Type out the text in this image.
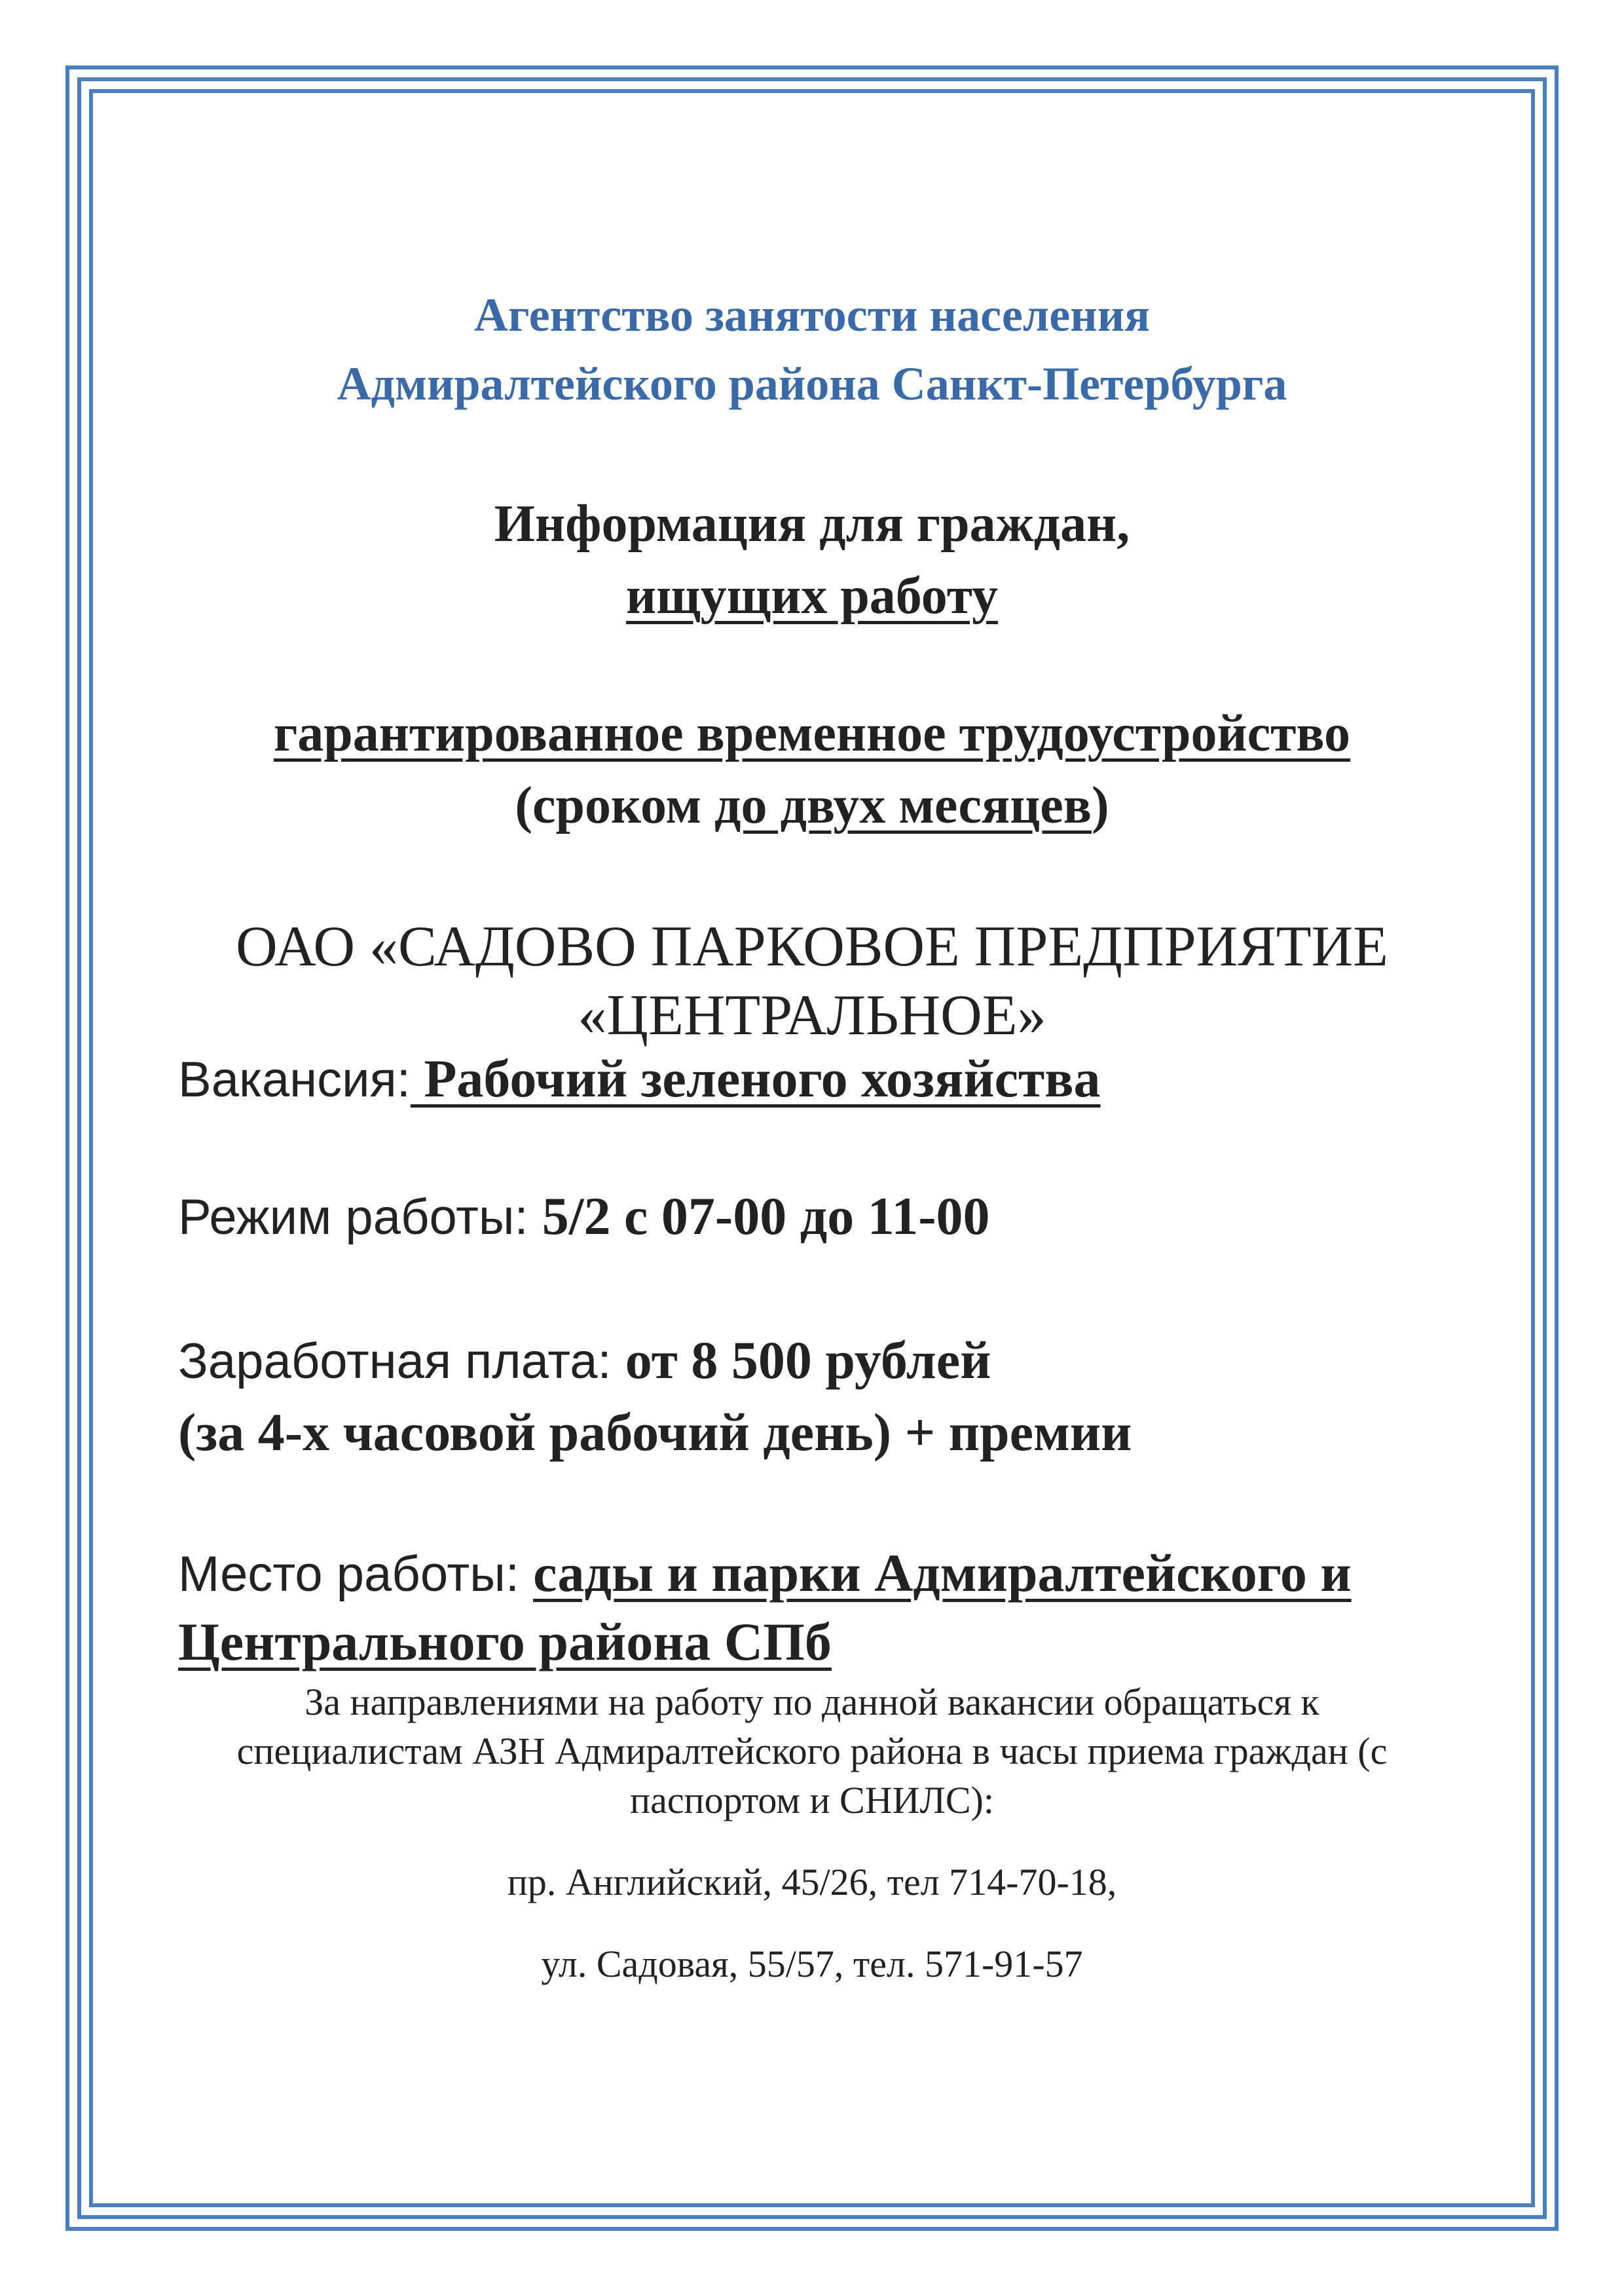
Агентство занятости населения
Адмиралтейского района Санкт-Петербурга
Информация для граждан,
ищущих работу
гарантированное временное трудоустройство
(сроком до двух месяцев)
ОАО «САДОВО ПАРКОВОЕ ПРЕДПРИЯТИЕ
«ЦЕНТРАЛЬНОЕ»
Вакансия: Рабочий зеленого хозяйства
Режим работы: 5/2 с 07-00 до 11-00
Заработная плата: от 8 500 рублей
(за 4-х часовой рабочий день) + премии
Место работы: сады и парки Адмиралтейского и
Центрального района СПб
За направлениями на работу по данной вакансии обращаться к
специалистам АЗН Адмиралтейского района в часы приема граждан (с
паспортом и СНИЛС):
пр. Английский, 45/26, тел 714-70-18,
ул. Садовая, 55/57, тел. 571-91-57
